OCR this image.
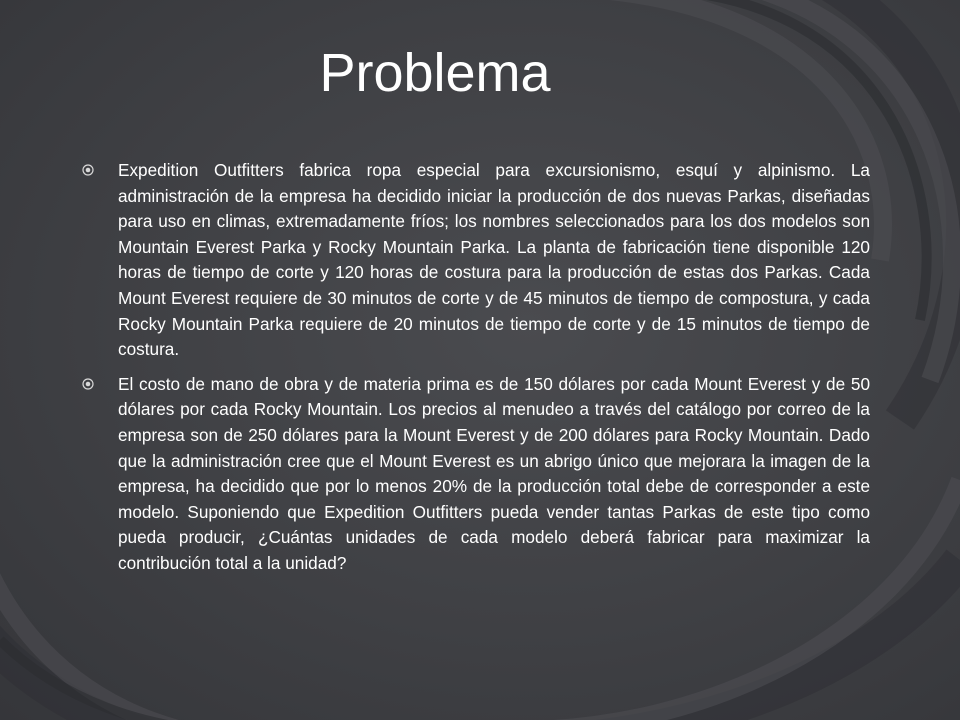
Problema

Expedition Outfitters fabrica ropa especial para excursionismo, esquí y alpinismo. La administración de la empresa ha decidido iniciar la producción de dos nuevas Parkas, diseñadas para uso en climas, extremadamente fríos; los nombres seleccionados para los dos modelos son Mountain Everest Parka y Rocky Mountain Parka. La planta de fabricación tiene disponible 120 horas de tiempo de corte y 120 horas de costura para la producción de estas dos Parkas. Cada Mount Everest requiere de 30 minutos de corte y de 45 minutos de tiempo de compostura, y cada Rocky Mountain Parka requiere de 20 minutos de tiempo de corte y de 15 minutos de tiempo de costura.

El costo de mano de obra y de materia prima es de 150 dólares por cada Mount Everest y de 50 dólares por cada Rocky Mountain. Los precios al menudeo a través del catálogo por correo de la empresa son de 250 dólares para la Mount Everest y de 200 dólares para Rocky Mountain. Dado que la administración cree que el Mount Everest es un abrigo único que mejorara la imagen de la empresa, ha decidido que por lo menos 20% de la producción total debe de corresponder a este modelo. Suponiendo que Expedition Outfitters pueda vender tantas Parkas de este tipo como pueda producir, ¿Cuántas unidades de cada modelo deberá fabricar para maximizar la contribución total a la unidad?
